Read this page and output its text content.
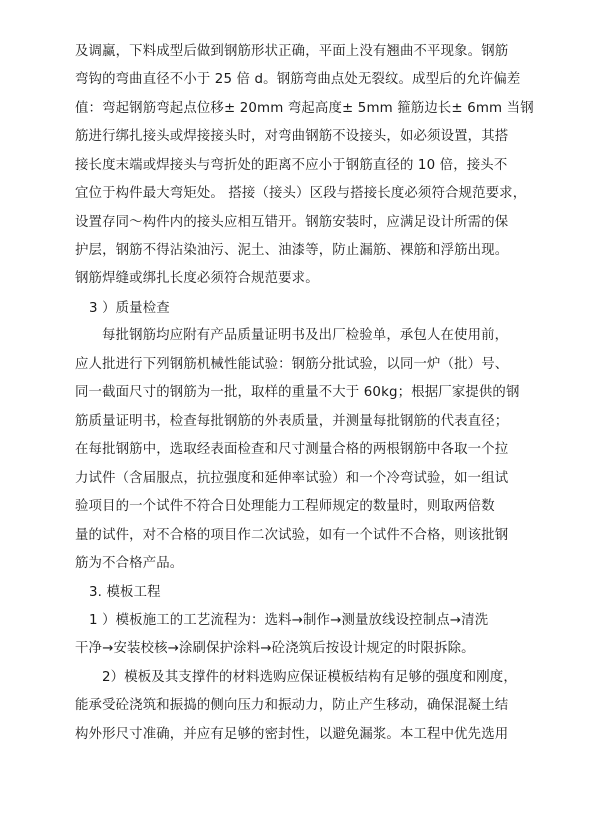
及调赢，下料成型后做到钢筋形状正确，平面上没有翘曲不平现象。钢筋
弯钩的弯曲直径不小于 25 倍 d。钢筋弯曲点处无裂纹。成型后的允许偏差
值：弯起钢筋弯起点位移± 20mm 弯起高度± 5mm 箍筋边长± 6mm 当钢
筋进行绑扎接头或焊接接头时，对弯曲钢筋不设接头，如必须设置，其搭
接长度末端或焊接头与弯折处的距离不应小于钢筋直径的 10 倍，接头不
宜位于构件最大弯矩处。 搭接（接头）区段与搭接长度必须符合规范要求，
设置存同～构件内的接头应相互错开。钢筋安装时，应满足设计所需的保
护层，钢筋不得沾染油污、泥土、油漆等，防止漏筋、裸筋和浮筋出现。
钢筋焊缝或绑扎长度必须符合规范要求。
3 ）质量检查
每批钢筋均应附有产品质量证明书及出厂检验单，承包人在使用前，
应人批进行下列钢筋机械性能试验：钢筋分批试验，以同一炉（批）号、
同一截面尺寸的钢筋为一批，取样的重量不大于 60kg；根据厂家提供的钢
筋质量证明书，检查每批钢筋的外表质量，并测量每批钢筋的代表直径；
在每批钢筋中，选取经表面检查和尺寸测量合格的两根钢筋中各取一个拉
力试件（含届服点，抗拉强度和延伸率试验）和一个冷弯试验，如一组试
验项目的一个试件不符合日处理能力工程师规定的数量时，则取两倍数
量的试件，对不合格的项目作二次试验，如有一个试件不合格，则该批钢
筋为不合格产品。
3. 模板工程
1 ）模板施工的工艺流程为：选料→制作→测量放线设控制点→清洗
干净→安装校核→涂刷保护涂料→砼浇筑后按设计规定的时限拆除。
2）模板及其支撑件的材料选购应保证模板结构有足够的强度和刚度，
能承受砼浇筑和振捣的侧向压力和振动力，防止产生移动，确保混凝土结
构外形尺寸准确，并应有足够的密封性，以避免漏浆。本工程中优先选用
